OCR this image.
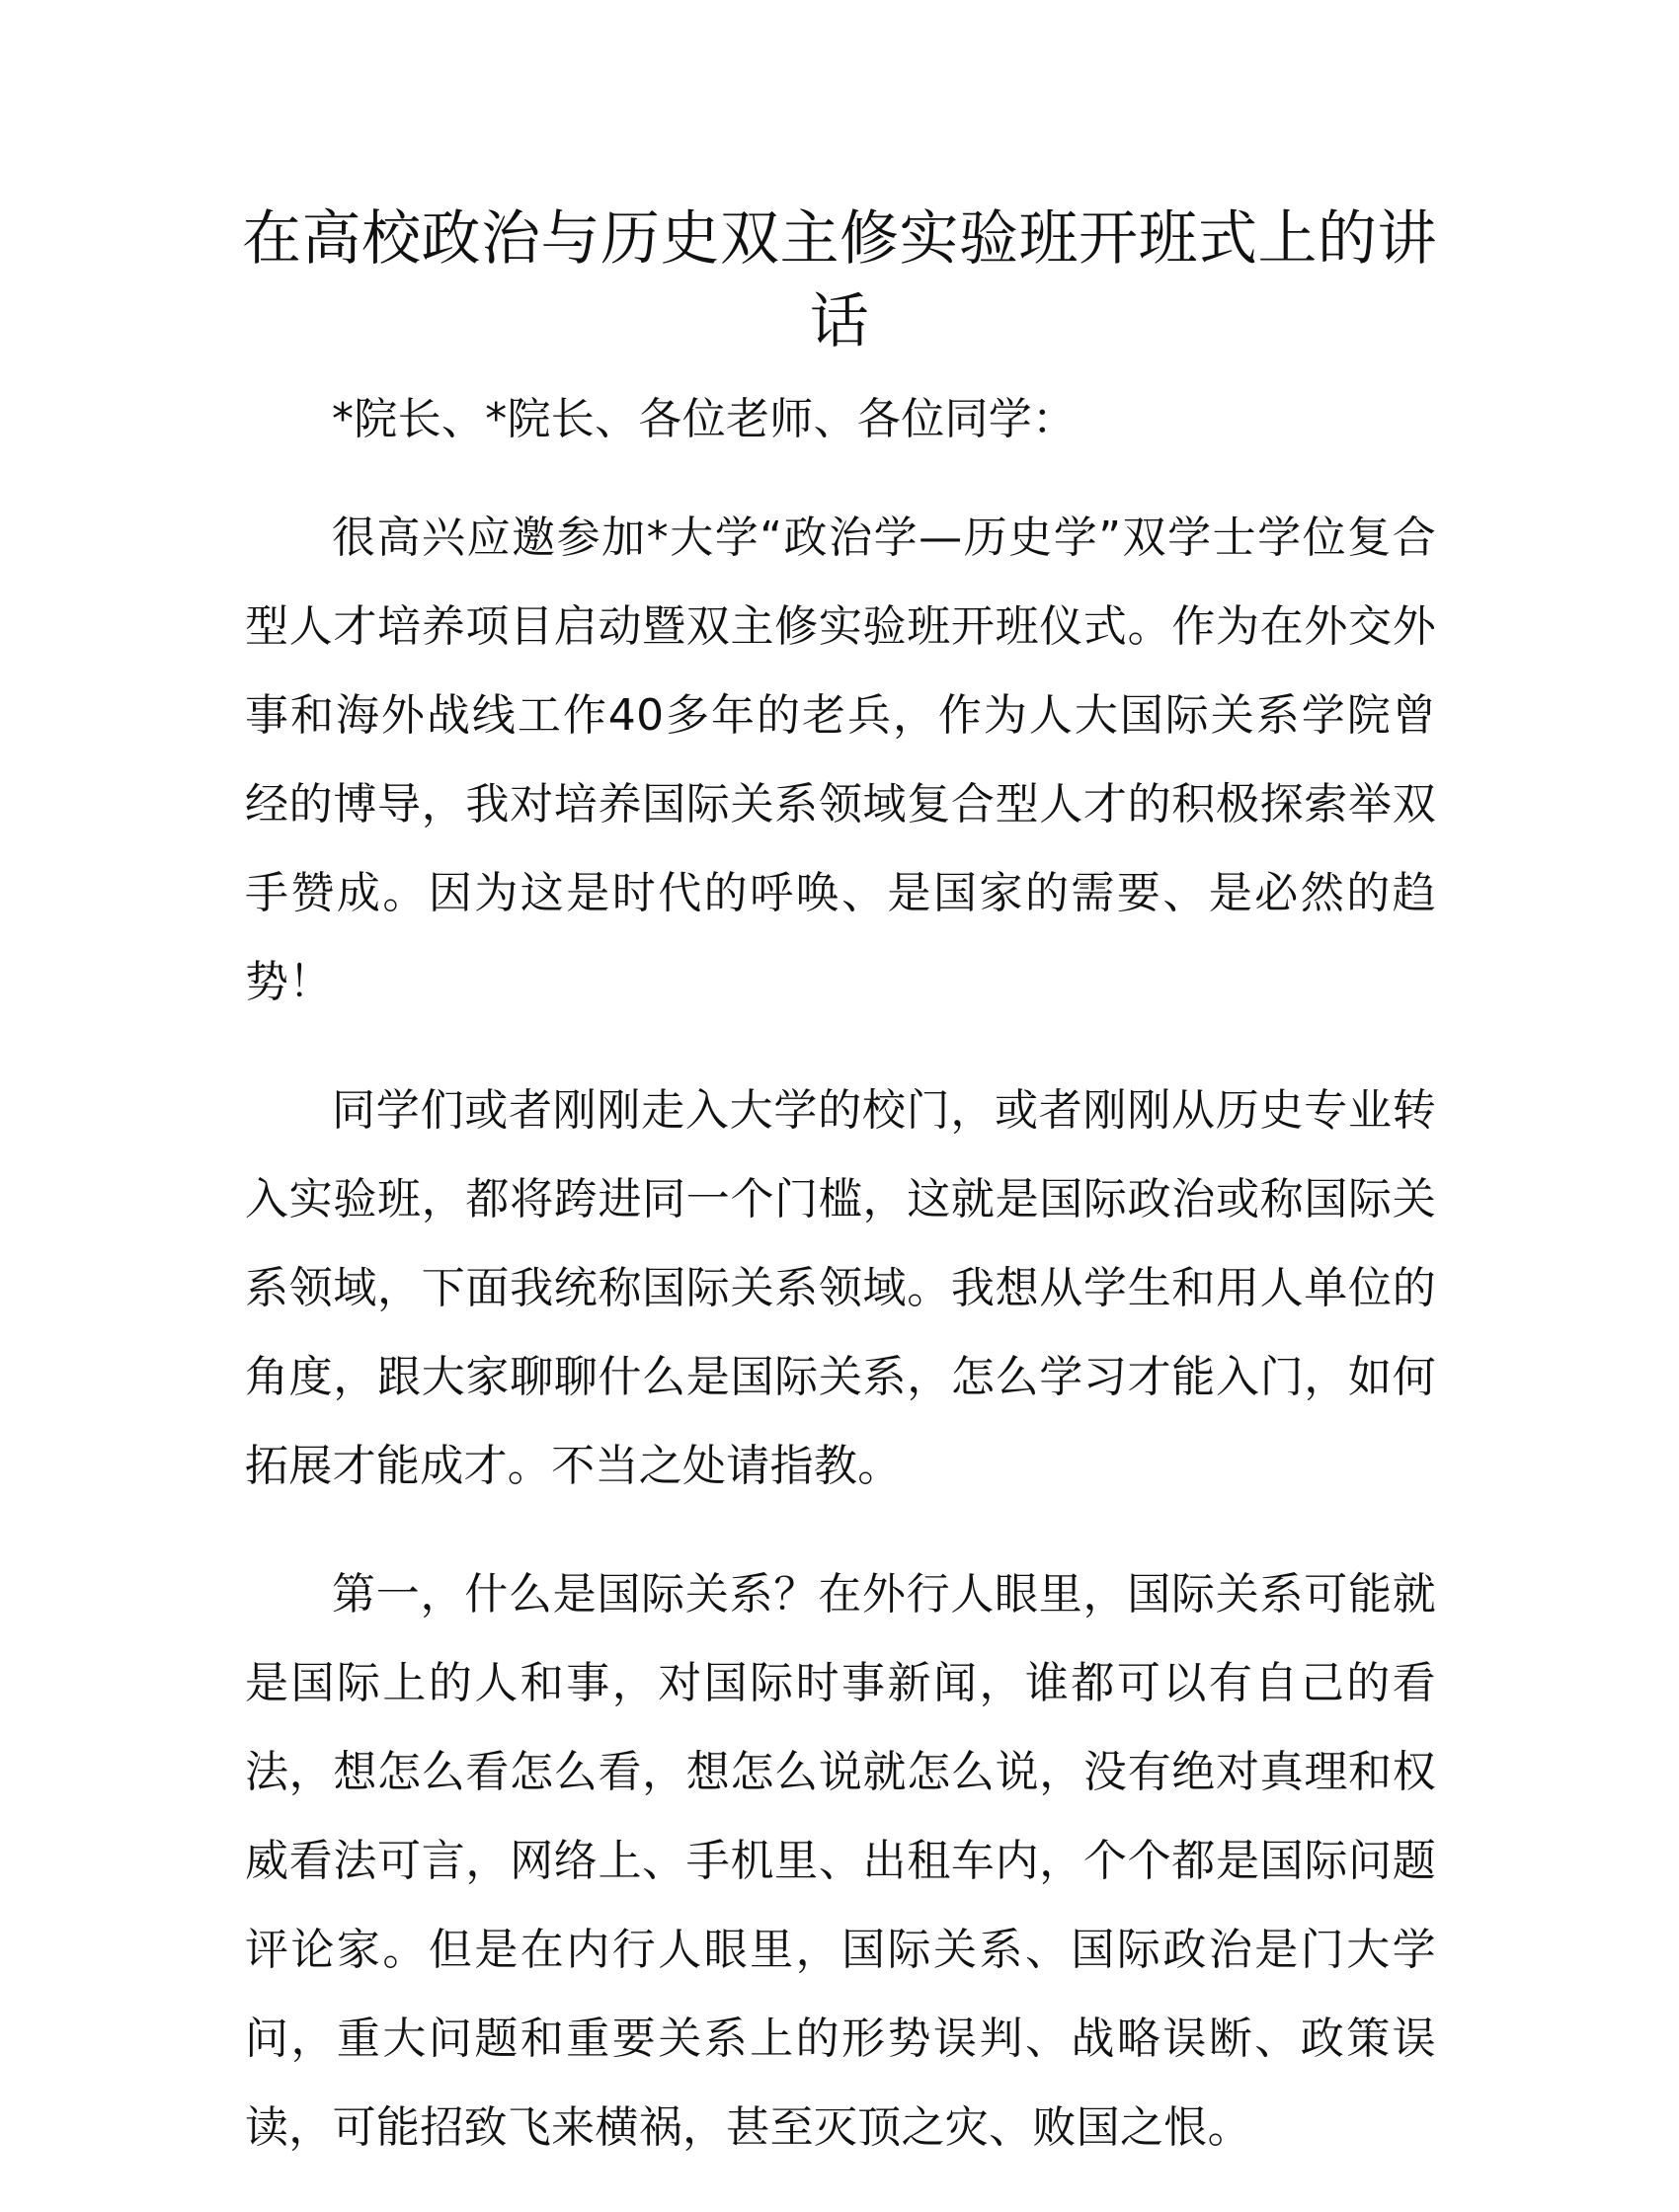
在高校政治与历史双主修实验班开班式上的讲话

*院长、*院长、各位老师、各位同学：

很高兴应邀参加*大学“政治学—历史学”双学士学位复合型人才培养项目启动暨双主修实验班开班仪式。作为在外交外事和海外战线工作40多年的老兵，作为人大国际关系学院曾经的博导，我对培养国际关系领域复合型人才的积极探索举双手赞成。因为这是时代的呼唤、是国家的需要、是必然的趋势！

同学们或者刚刚走入大学的校门，或者刚刚从历史专业转入实验班，都将跨进同一个门槛，这就是国际政治或称国际关系领域，下面我统称国际关系领域。我想从学生和用人单位的角度，跟大家聊聊什么是国际关系，怎么学习才能入门，如何拓展才能成才。不当之处请指教。

第一，什么是国际关系？在外行人眼里，国际关系可能就是国际上的人和事，对国际时事新闻，谁都可以有自己的看法，想怎么看怎么看，想怎么说就怎么说，没有绝对真理和权威看法可言，网络上、手机里、出租车内，个个都是国际问题评论家。但是在内行人眼里，国际关系、国际政治是门大学问，重大问题和重要关系上的形势误判、战略误断、政策误读，可能招致飞来横祸，甚至灭顶之灾、败国之恨。
